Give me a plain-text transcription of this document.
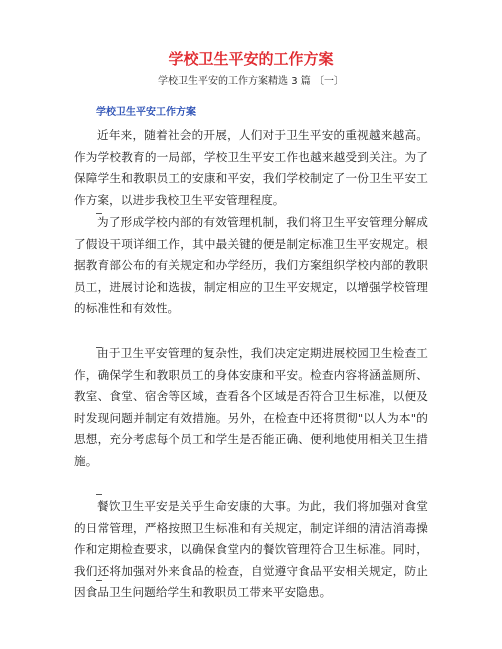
学校卫生平安的工作方案
学校卫生平安的工作方案精选 3 篇 〔一〕
学校卫生平安工作方案

近年来，随着社会的开展，人们对于卫生平安的重视越来越高。作为学校教育的一局部，学校卫生平安工作也越来越受到关注。为了保障学生和教职员工的安康和平安，我们学校制定了一份卫生平安工作方案，以进步我校卫生平安管理程度。

为了形成学校内部的有效管理机制，我们将卫生平安管理分解成了假设干项详细工作，其中最关键的便是制定标准卫生平安规定。根据教育部公布的有关规定和办学经历，我们方案组织学校内部的教职员工，进展讨论和选拔，制定相应的卫生平安规定，以增强学校管理的标准性和有效性。

由于卫生平安管理的复杂性，我们决定定期进展校园卫生检查工作，确保学生和教职员工的身体安康和平安。检查内容将涵盖厕所、教室、食堂、宿舍等区域，查看各个区域是否符合卫生标准，以便及时发现问题并制定有效措施。另外，在检查中还将贯彻"以人为本"的思想，充分考虑每个员工和学生是否能正确、便利地使用相关卫生措施。

餐饮卫生平安是关乎生命安康的大事。为此，我们将加强对食堂的日常管理，严格按照卫生标准和有关规定，制定详细的清洁消毒操作和定期检查要求，以确保食堂内的餐饮管理符合卫生标准。同时，我们还将加强对外来食品的检查，自觉遵守食品平安相关规定，防止因食品卫生问题给学生和教职员工带来平安隐患。
